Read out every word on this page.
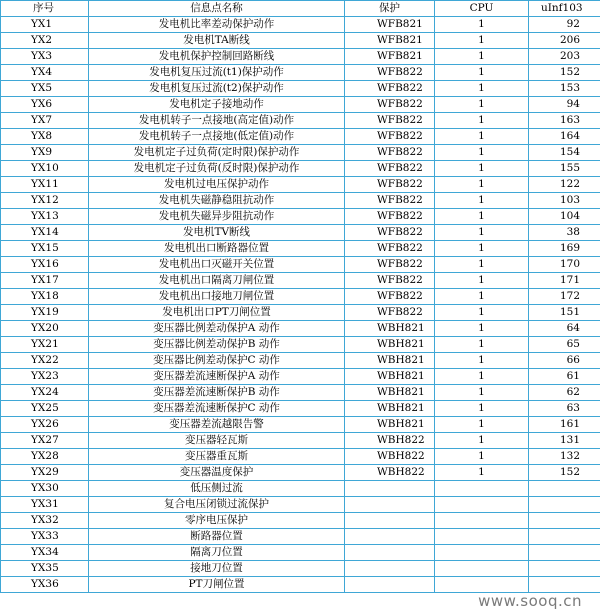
序号	信息点名称	保护	CPU	uInf103
YX1	发电机比率差动保护动作	WFB821	1	92
YX2	发电机TA断线	WFB821	1	206
YX3	发电机保护控制回路断线	WFB821	1	203
YX4	发电机复压过流(t1)保护动作	WFB822	1	152
YX5	发电机复压过流(t2)保护动作	WFB822	1	153
YX6	发电机定子接地动作	WFB822	1	94
YX7	发电机转子一点接地(高定值)动作	WFB822	1	163
YX8	发电机转子一点接地(低定值)动作	WFB822	1	164
YX9	发电机定子过负荷(定时限)保护动作	WFB822	1	154
YX10	发电机定子过负荷(反时限)保护动作	WFB822	1	155
YX11	发电机过电压保护动作	WFB822	1	122
YX12	发电机失磁静稳阻抗动作	WFB822	1	103
YX13	发电机失磁异步阻抗动作	WFB822	1	104
YX14	发电机TV断线	WFB822	1	38
YX15	发电机出口断路器位置	WFB822	1	169
YX16	发电机出口灭磁开关位置	WFB822	1	170
YX17	发电机出口隔离刀闸位置	WFB822	1	171
YX18	发电机出口接地刀闸位置	WFB822	1	172
YX19	发电机出口PT刀闸位置	WFB822	1	151
YX20	变压器比例差动保护A 动作	WBH821	1	64
YX21	变压器比例差动保护B 动作	WBH821	1	65
YX22	变压器比例差动保护C 动作	WBH821	1	66
YX23	变压器差流速断保护A 动作	WBH821	1	61
YX24	变压器差流速断保护B 动作	WBH821	1	62
YX25	变压器差流速断保护C 动作	WBH821	1	63
YX26	变压器差流越限告警	WBH821	1	161
YX27	变压器轻瓦斯	WBH822	1	131
YX28	变压器重瓦斯	WBH822	1	132
YX29	变压器温度保护	WBH822	1	152
YX30	低压侧过流			
YX31	复合电压闭锁过流保护			
YX32	零序电压保护			
YX33	断路器位置			
YX34	隔离刀位置			
YX35	接地刀位置			
YX36	PT刀闸位置			
www.sooq.cn
